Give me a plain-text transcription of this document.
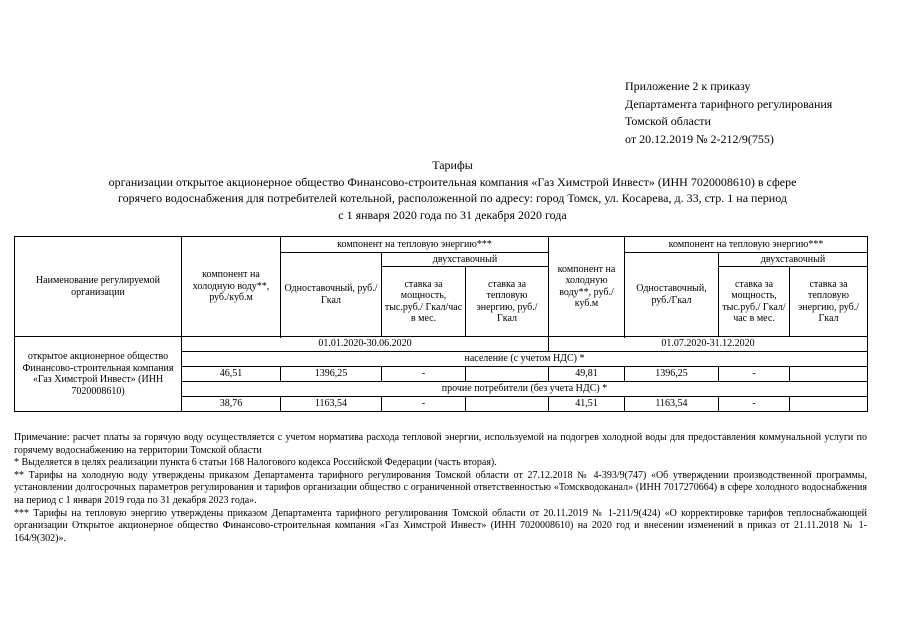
Приложение 2 к приказу
Департамента тарифного регулирования
Томской области
от 20.12.2019 № 2-212/9(755)
Тарифы
организации открытое акционерное общество Финансово-строительная компания «Газ Химстрой Инвест» (ИНН 7020008610) в сфере
горячего водоснабжения для потребителей котельной, расположенной по адресу: город Томск, ул. Косарева, д. 33, стр. 1 на период
с 1 января 2020 года по 31 декабря 2020 года
Наименование регулируемой организации	компонент на холодную воду**, руб./куб.м	компонент на тепловую энергию***			компонент на холодную воду**, руб./куб.м	компонент на тепловую энергию***		
		Одноставочный, руб./Гкал	двухставочный			Одноставочный, руб./Гкал	двухставочный	
			ставка за мощность, тыс.руб./ Гкал/час в мес.	ставка за тепловую энергию, руб./Гкал			ставка за мощность, тыс.руб./ Гкал/час в мес.	ставка за тепловую энергию, руб./Гкал

открытое акционерное общество Финансово-строительная компания «Газ Химстрой Инвест» (ИНН 7020008610)	01.01.2020-30.06.2020				01.07.2020-31.12.2020			
	население (с учетом НДС) *							
	46,51	1396,25	-		49,81	1396,25	-	
	прочие потребители (без учета НДС) *							
	38,76	1163,54	-		41,51	1163,54	-	

Примечание: расчет платы за горячую воду осуществляется с учетом норматива расхода тепловой энергии, используемой на подогрев холодной воды для предоставления коммунальной услуги по горячему водоснабжению на территории Томской области

* Выделяется в целях реализации пункта 6 статьи 168 Налогового кодекса Российской Федерации (часть вторая).

** Тарифы на холодную воду утверждены приказом Департамента тарифного регулирования Томской области от 27.12.2018 № 4-393/9(747) «Об утверждении производственной программы, установлении долгосрочных параметров регулирования и тарифов организации общество с ограниченной ответственностью «Томскводоканал» (ИНН 7017270664) в сфере холодного водоснабжения на период с 1 января 2019 года по 31 декабря 2023 года».

*** Тарифы на тепловую энергию утверждены приказом Департамента тарифного регулирования Томской области от 20.11.2019 № 1-211/9(424) «О корректировке тарифов теплоснабжающей организации Открытое акционерное общество Финансово-строительная компания «Газ Химстрой Инвест» (ИНН 7020008610) на 2020 год и внесении изменений в приказ от 21.11.2018 № 1-164/9(302)».
